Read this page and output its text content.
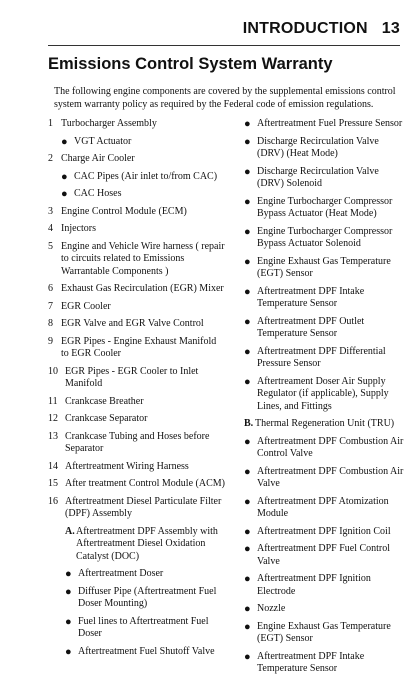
INTRODUCTION 13
Emissions Control System Warranty
The following engine components are covered by the supplemental emissions control system warranty policy as required by the Federal code of emission regulations.
1 Turbocharger Assembly
● VGT Actuator
2 Charge Air Cooler
● CAC Pipes (Air inlet to/from CAC)
● CAC Hoses
3 Engine Control Module (ECM)
4 Injectors
5 Engine and Vehicle Wire harness ( repair to circuits related to Emissions Warrantable Components )
6 Exhaust Gas Recirculation (EGR) Mixer
7 EGR Cooler
8 EGR Valve and EGR Valve Control
9 EGR Pipes - Engine Exhaust Manifold to EGR Cooler
10 EGR Pipes - EGR Cooler to Inlet Manifold
11 Crankcase Breather
12 Crankcase Separator
13 Crankcase Tubing and Hoses before Separator
14 Aftertreatment Wiring Harness
15 After treatment Control Module (ACM)
16 Aftertreatment Diesel Particulate Filter (DPF) Assembly
A. Aftertreatment DPF Assembly with Aftertreatment Diesel Oxidation Catalyst (DOC)
● Aftertreatment Doser
● Diffuser Pipe (Aftertreatment Fuel Doser Mounting)
● Fuel lines to Aftertreatment Fuel Doser
● Aftertreatment Fuel Shutoff Valve
● Aftertreatment Fuel Pressure Sensor
● Discharge Recirculation Valve (DRV) (Heat Mode)
● Discharge Recirculation Valve (DRV) Solenoid
● Engine Turbocharger Compressor Bypass Actuator (Heat Mode)
● Engine Turbocharger Compressor Bypass Actuator Solenoid
● Engine Exhaust Gas Temperature (EGT) Sensor
● Aftertreatment DPF Intake Temperature Sensor
● Aftertreatment DPF Outlet Temperature Sensor
● Aftertreatment DPF Differential Pressure Sensor
● Aftertreament Doser Air Supply Regulator (if applicable), Supply Lines, and Fittings
B. Thermal Regeneration Unit (TRU)
● Aftertreatment DPF Combustion Air Control Valve
● Aftertreatment DPF Combustion Air Valve
● Aftertreatment DPF Atomization Module
● Aftertreatment DPF Ignition Coil
● Aftertreatment DPF Fuel Control Valve
● Aftertreatment DPF Ignition Electrode
● Nozzle
● Engine Exhaust Gas Temperature (EGT) Sensor
● Aftertreatment DPF Intake Temperature Sensor
